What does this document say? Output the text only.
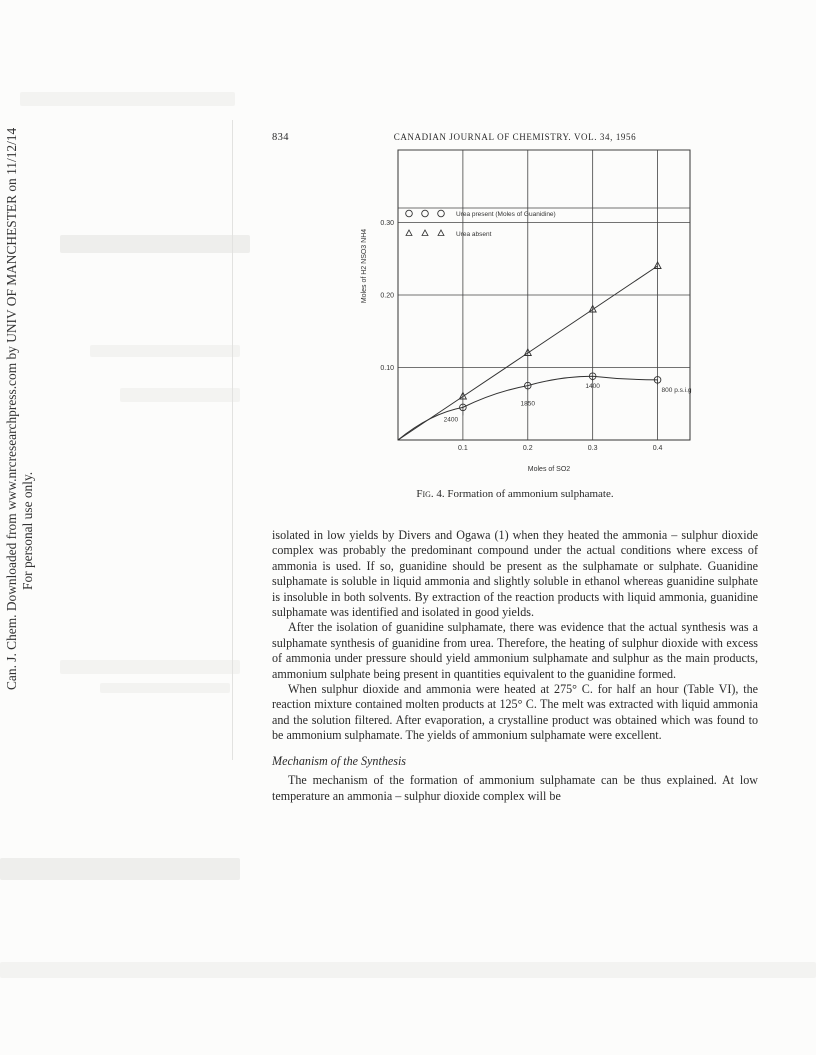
Can. J. Chem. Downloaded from www.nrcresearchpress.com by UNIV OF MANCHESTER on 11/12/14 For personal use only.
834	CANADIAN JOURNAL OF CHEMISTRY. VOL. 34, 1956
0.1	0.2	0.3	0.4
0.10
0.20
0.30
Moles of SO2
Moles of H2 NSO3 NH4
2400
1850
1400
800 p.s.i.g
Urea present (Moles of Guanidine)
Urea absent
Fig. 4. Formation of ammonium sulphamate.

isolated in low yields by Divers and Ogawa (1) when they heated the ammonia – sulphur dioxide complex was probably the predominant compound under the actual conditions where excess of ammonia is used. If so, guanidine should be present as the sulphamate or sulphate. Guanidine sulphamate is soluble in liquid ammonia and slightly soluble in ethanol whereas guanidine sulphate is insoluble in both solvents. By extraction of the reaction products with liquid ammonia, guanidine sulphamate was identified and isolated in good yields.

After the isolation of guanidine sulphamate, there was evidence that the actual synthesis was a sulphamate synthesis of guanidine from urea. Therefore, the heating of sulphur dioxide with excess of ammonia under pressure should yield ammonium sulphamate and sulphur as the main products, ammonium sulphate being present in quantities equivalent to the guanidine formed.

When sulphur dioxide and ammonia were heated at 275° C. for half an hour (Table VI), the reaction mixture contained molten products at 125° C. The melt was extracted with liquid ammonia and the solution filtered. After evaporation, a crystalline product was obtained which was found to be ammonium sulphamate. The yields of ammonium sulphamate were excellent.

Mechanism of the Synthesis

The mechanism of the formation of ammonium sulphamate can be thus explained. At low temperature an ammonia – sulphur dioxide complex will be
